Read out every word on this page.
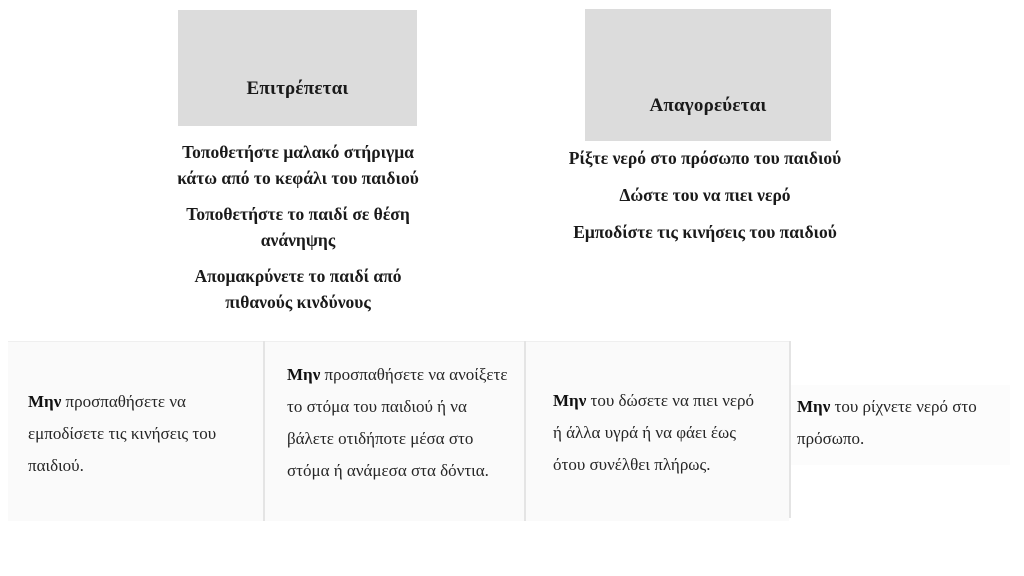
Επιτρέπεται
Απαγορεύεται
Τοποθετήστε μαλακό στήριγμα
κάτω από το κεφάλι του παιδιού
Τοποθετήστε το παιδί σε θέση
ανάνηψης
Απομακρύνετε το παιδί από
πιθανούς κινδύνους
Ρίξτε νερό στο πρόσωπο του παιδιού
Δώστε του να πιει νερό
Εμποδίστε τις κινήσεις του παιδιού

Μην προσπαθήσετε να εμποδίσετε τις κινήσεις του παιδιού.

Μην προσπαθήσετε να ανοίξετε το στόμα του παιδιού ή να βάλετε οτιδήποτε μέσα στο στόμα ή ανάμεσα στα δόντια.

Μην του δώσετε να πιει νερό ή άλλα υγρά ή να φάει έως ότου συνέλθει πλήρως.

Μην του ρίχνετε νερό στο πρόσωπο.
